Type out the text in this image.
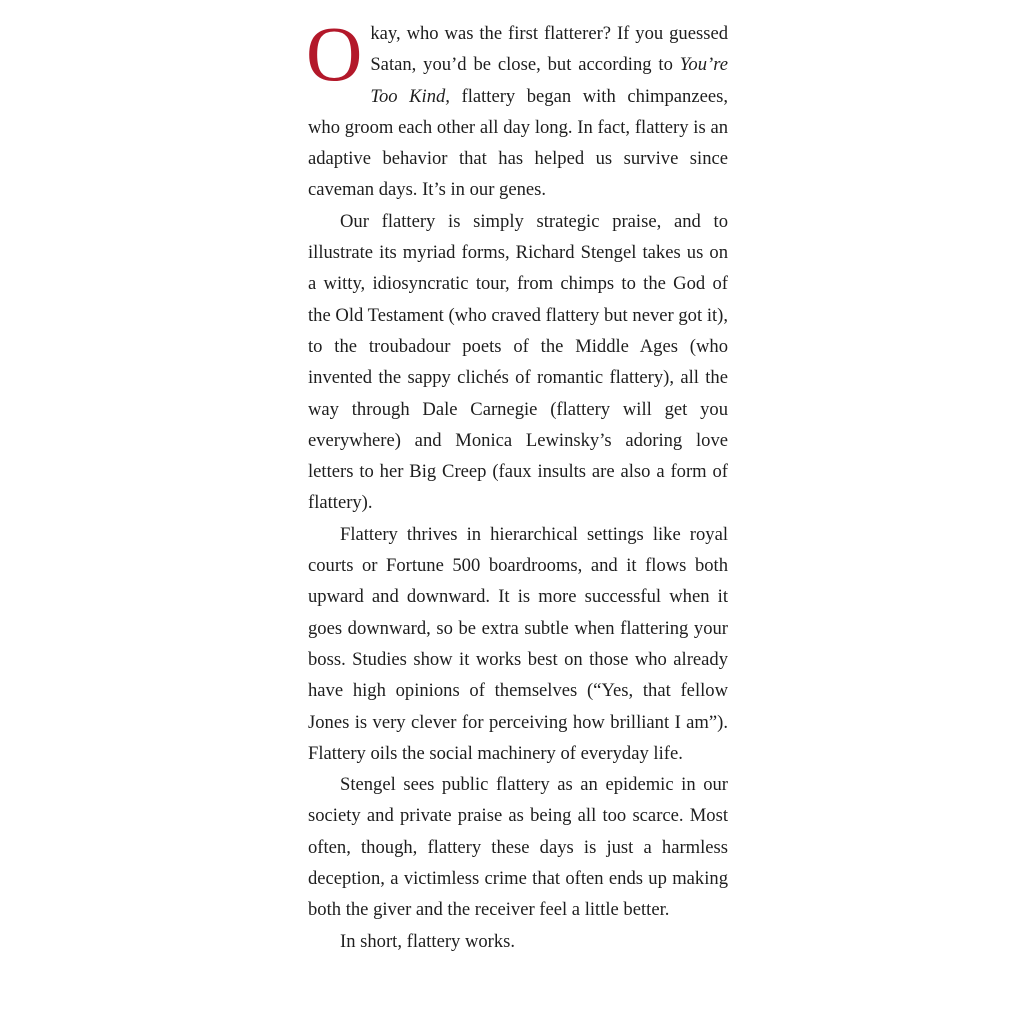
Okay, who was the first flatterer? If you guessed Satan, you’d be close, but according to You’re Too Kind, flattery began with chimpanzees, who groom each other all day long. In fact, flattery is an adaptive behavior that has helped us survive since caveman days. It’s in our genes.

Our flattery is simply strategic praise, and to illustrate its myriad forms, Richard Stengel takes us on a witty, idiosyncratic tour, from chimps to the God of the Old Testament (who craved flattery but never got it), to the troubadour poets of the Middle Ages (who invented the sappy clichés of romantic flattery), all the way through Dale Carnegie (flattery will get you everywhere) and Monica Lewinsky’s adoring love letters to her Big Creep (faux insults are also a form of flattery).

Flattery thrives in hierarchical settings like royal courts or Fortune 500 boardrooms, and it flows both upward and downward. It is more successful when it goes downward, so be extra subtle when flattering your boss. Studies show it works best on those who already have high opinions of themselves (“Yes, that fellow Jones is very clever for perceiving how brilliant I am”). Flattery oils the social machinery of everyday life.

Stengel sees public flattery as an epidemic in our society and private praise as being all too scarce. Most often, though, flattery these days is just a harmless deception, a victimless crime that often ends up making both the giver and the receiver feel a little better.

In short, flattery works.
